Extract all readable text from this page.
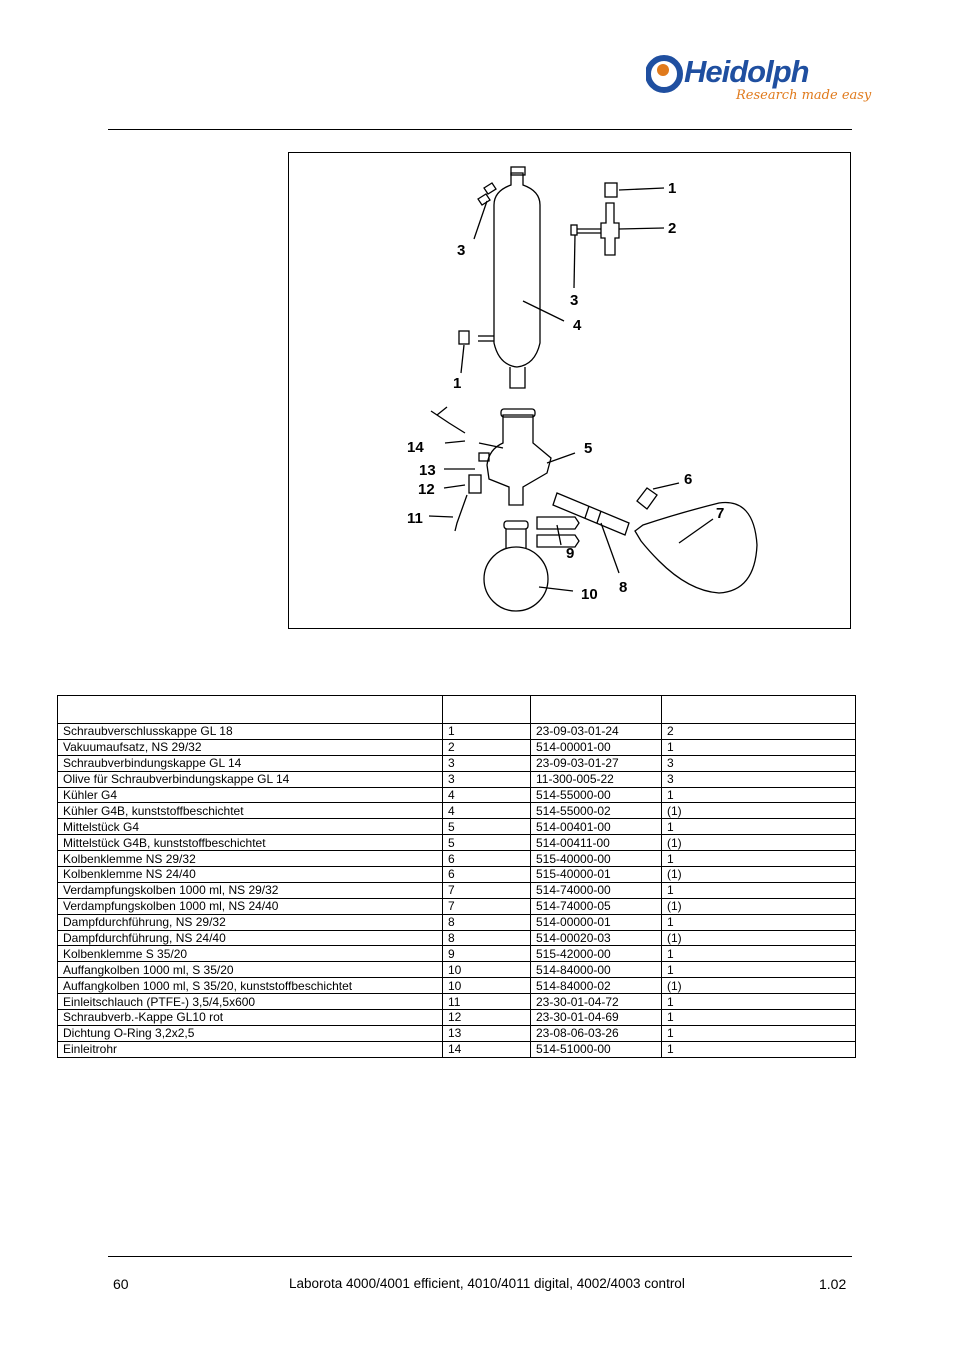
Heidolph
Research made easy
1
2
3
3
4
1
14
13
12
11
5
6
7
9
8
10

Schraubverschlusskappe GL 18	1	23-09-03-01-24	2
Vakuumaufsatz, NS 29/32	2	514-00001-00	1
Schraubverbindungskappe GL 14	3	23-09-03-01-27	3
Olive für Schraubverbindungskappe GL 14	3	11-300-005-22	3
Kühler G4	4	514-55000-00	1
Kühler G4B, kunststoffbeschichtet	4	514-55000-02	(1)
Mittelstück G4	5	514-00401-00	1
Mittelstück G4B, kunststoffbeschichtet	5	514-00411-00	(1)
Kolbenklemme NS 29/32	6	515-40000-00	1
Kolbenklemme NS 24/40	6	515-40000-01	(1)
Verdampfungskolben 1000 ml, NS 29/32	7	514-74000-00	1
Verdampfungskolben 1000 ml, NS 24/40	7	514-74000-05	(1)
Dampfdurchführung, NS 29/32	8	514-00000-01	1
Dampfdurchführung, NS 24/40	8	514-00020-03	(1)
Kolbenklemme S 35/20	9	515-42000-00	1
Auffangkolben 1000 ml, S 35/20	10	514-84000-00	1
Auffangkolben 1000 ml, S 35/20, kunststoffbeschichtet	10	514-84000-02	(1)
Einleitschlauch (PTFE-) 3,5/4,5x600	11	23-30-01-04-72	1
Schraubverb.-Kappe GL10 rot	12	23-30-01-04-69	1
Dichtung O-Ring 3,2x2,5	13	23-08-06-03-26	1
Einleitrohr	14	514-51000-00	1
60	Laborota 4000/4001 efficient, 4010/4011 digital, 4002/4003 control	1.02
